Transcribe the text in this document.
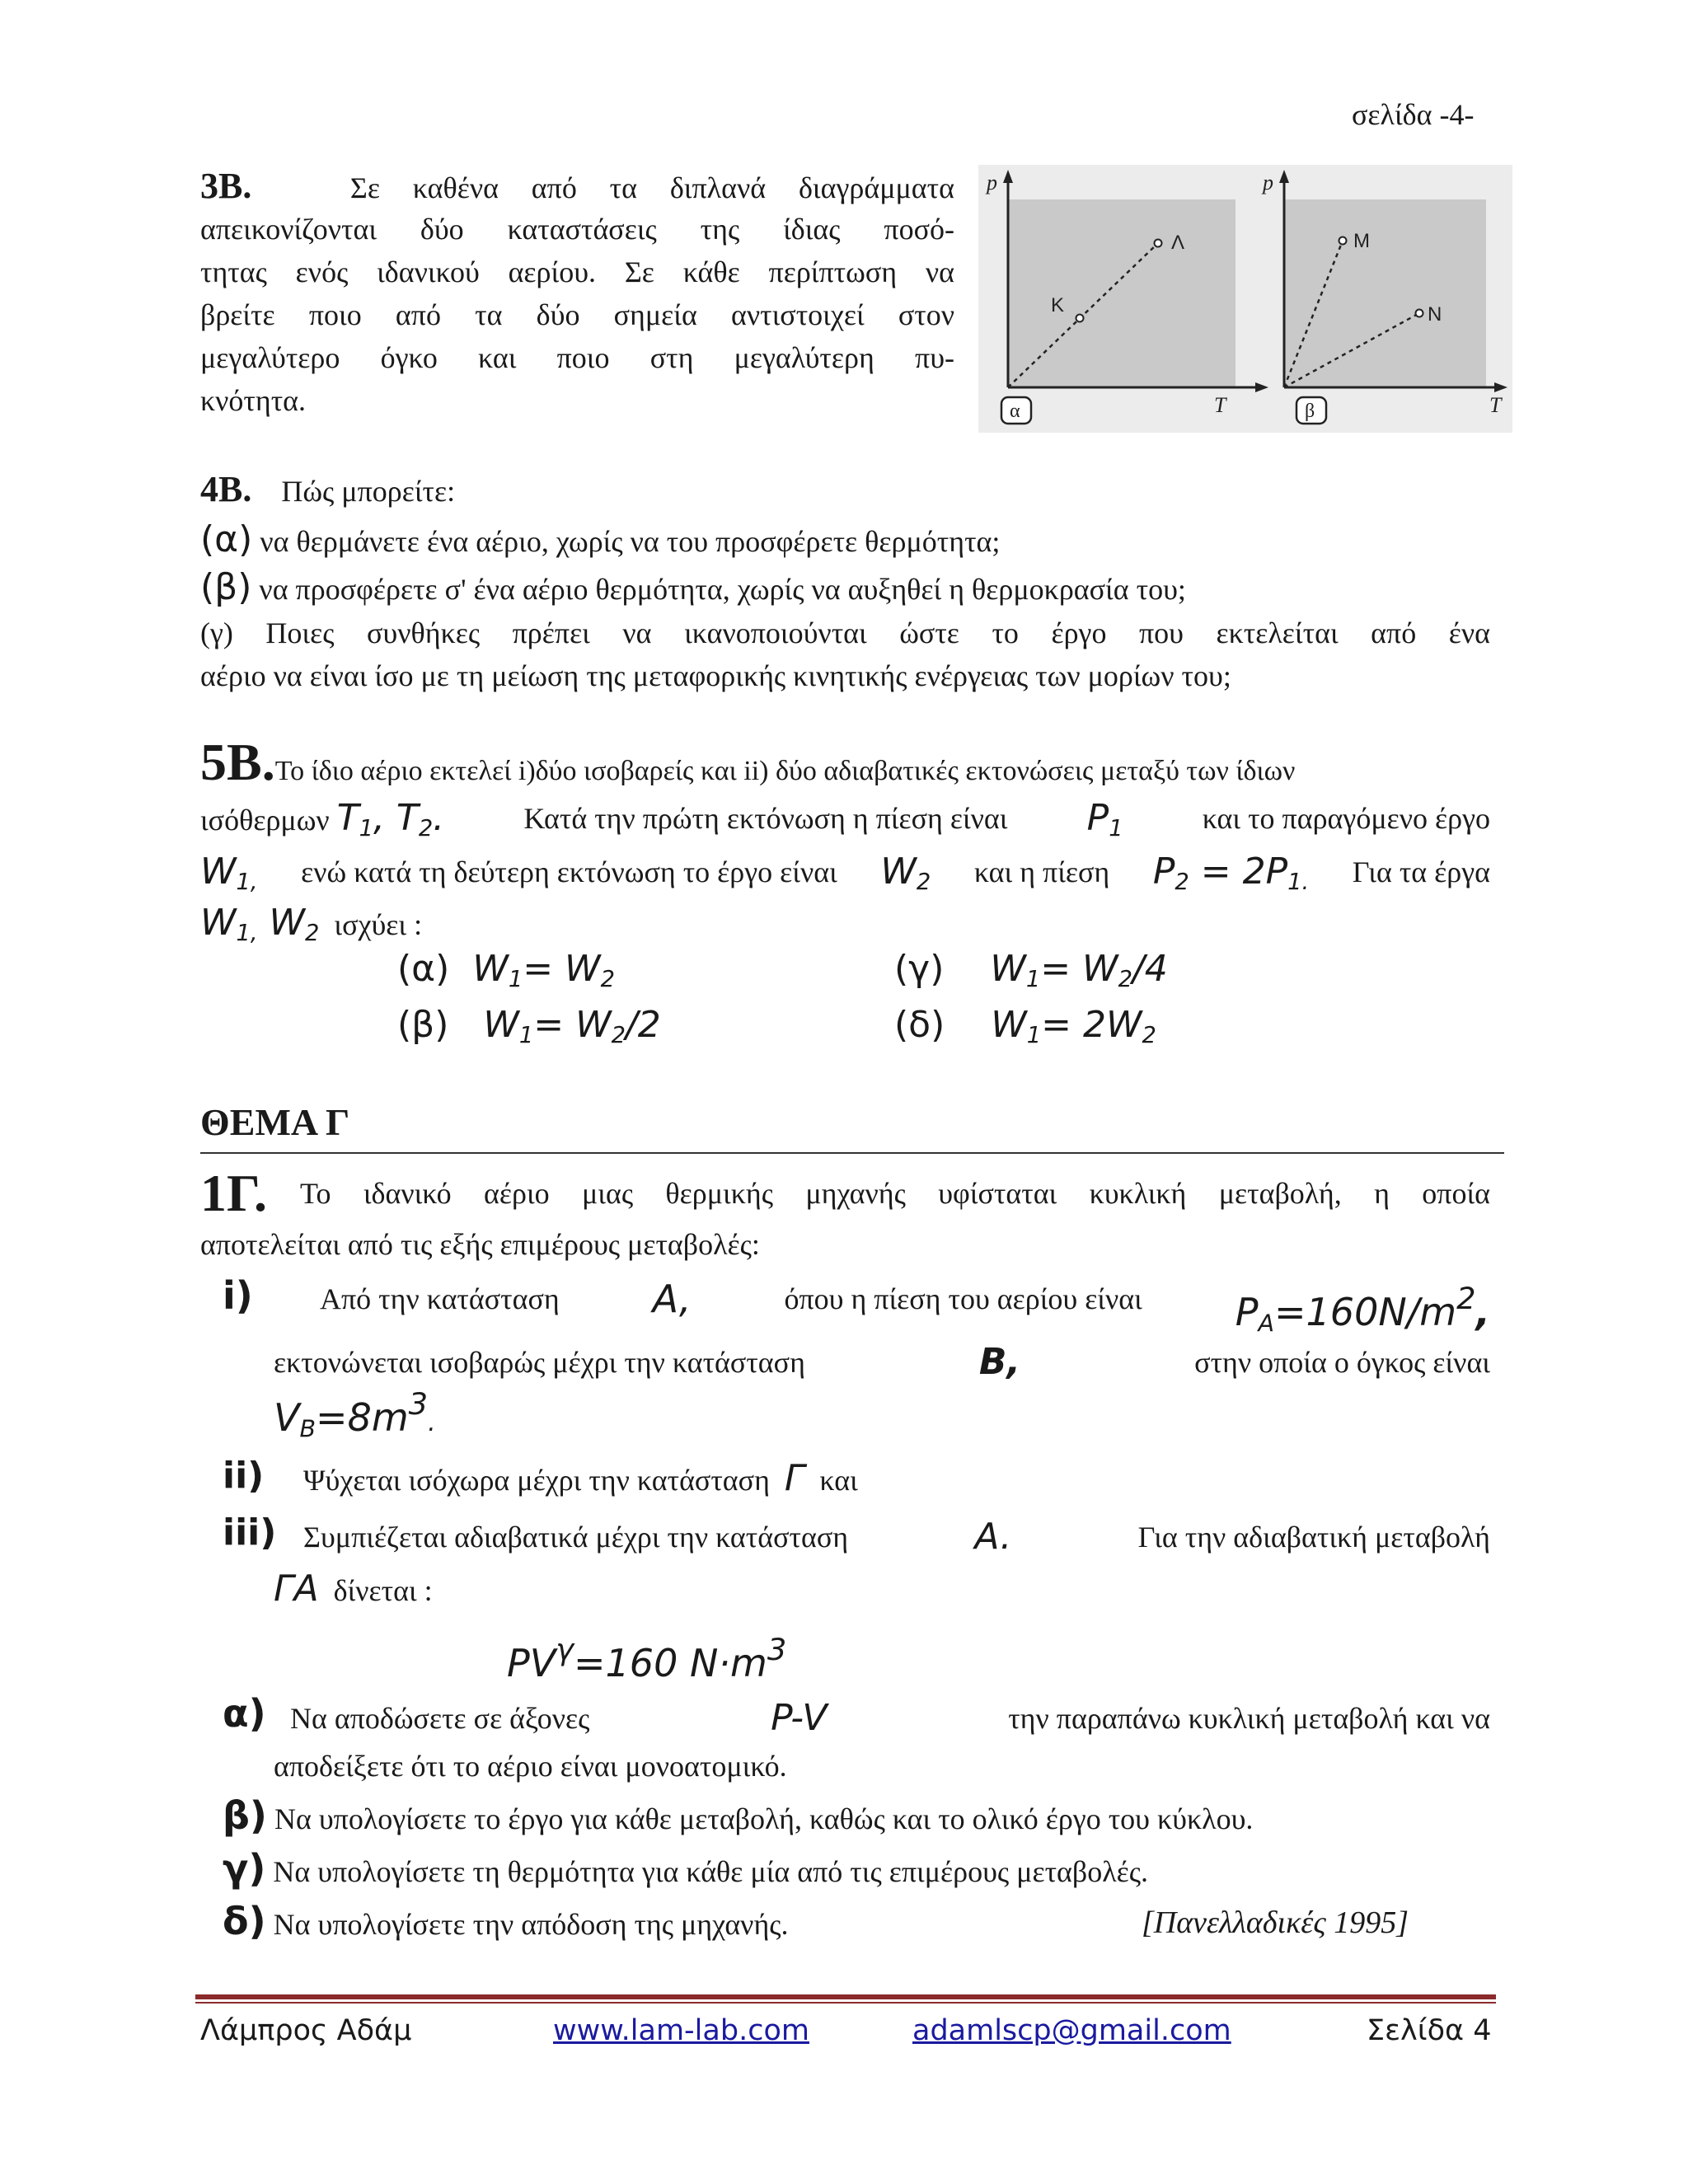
σελίδα -4-
3B.	Σε καθένα από τα διπλανά διαγράμματα
απεικονίζονται δύο καταστάσεις της ίδιας ποσό-
τητας ενός ιδανικού αερίου. Σε κάθε περίπτωση να
βρείτε ποιο από τα δύο σημεία αντιστοιχεί στον
μεγαλύτερο όγκο και ποιο στη μεγαλύτερη πυ-
κνότητα.
p
T
K
Λ
α
p
T
M
N
β
4B. Πώς μπορείτε:
(α) να θερμάνετε ένα αέριο, χωρίς να του προσφέρετε θερμότητα;
(β) να προσφέρετε σ' ένα αέριο θερμότητα, χωρίς να αυξηθεί η θερμοκρασία του;
(γ) Ποιες συνθήκες πρέπει να ικανοποιούνται ώστε το έργο που εκτελείται από ένα
αέριο να είναι ίσο με τη μείωση της μεταφορικής κινητικής ενέργειας των μορίων του;
5B.Το ίδιο αέριο εκτελεί i)δύο ισοβαρείς και ii) δύο αδιαβατικές εκτονώσεις μεταξύ των ίδιων
ισόθερμων $T_1$, $T_2$.	Κατά την πρώτη εκτόνωση η πίεση είναι $P_1$	και το παραγόμενο έργο
$W_{1,}$ ενώ κατά τη δεύτερη εκτόνωση το έργο είναι $W_2$ και η πίεση $P_2 = 2P_{1.}$ Για τα έργα
$W_{1,}$ $W_2$ ισχύει :
(α) $W_1= W_2$
(β) $W_1= W_2/2$
(γ) $W_1= W_2/4$
(δ) $W_1= 2W_2$
ΘΕΜΑ Γ
1Γ.	Το ιδανικό αέριο μιας θερμικής μηχανής υφίσταται κυκλική μεταβολή, η οποία
αποτελείται από τις εξής επιμέρους μεταβολές:
i) Από την κατάσταση A,	όπου η πίεση του αερίου είναι $P_A=160N/m^2$,
εκτονώνεται ισοβαρώς μέχρι την κατάσταση	B,	στην οποία ο όγκος είναι
$V_B=8m^3$.
ii) Ψύχεται ισόχωρα μέχρι την κατάσταση Γ και
iii) Συμπιέζεται αδιαβατικά μέχρι την κατάσταση	A.	Για την αδιαβατική μεταβολή
ΓA δίνεται :
$PV^\gamma=160$ $N\cdot m^3$
α) Να αποδώσετε σε άξονες	P-V	την παραπάνω κυκλική μεταβολή και να
αποδείξετε ότι το αέριο είναι μονοατομικό.
β) Να υπολογίσετε το έργο για κάθε μεταβολή, καθώς και το ολικό έργο του κύκλου.
γ) Να υπολογίσετε τη θερμότητα για κάθε μία από τις επιμέρους μεταβολές.
δ) Να υπολογίσετε την απόδοση της μηχανής.	[Πανελλαδικές 1995]
Λάμπρος Αδάμ	www.lam-lab.com	adamlscp@gmail.com	Σελίδα 4
